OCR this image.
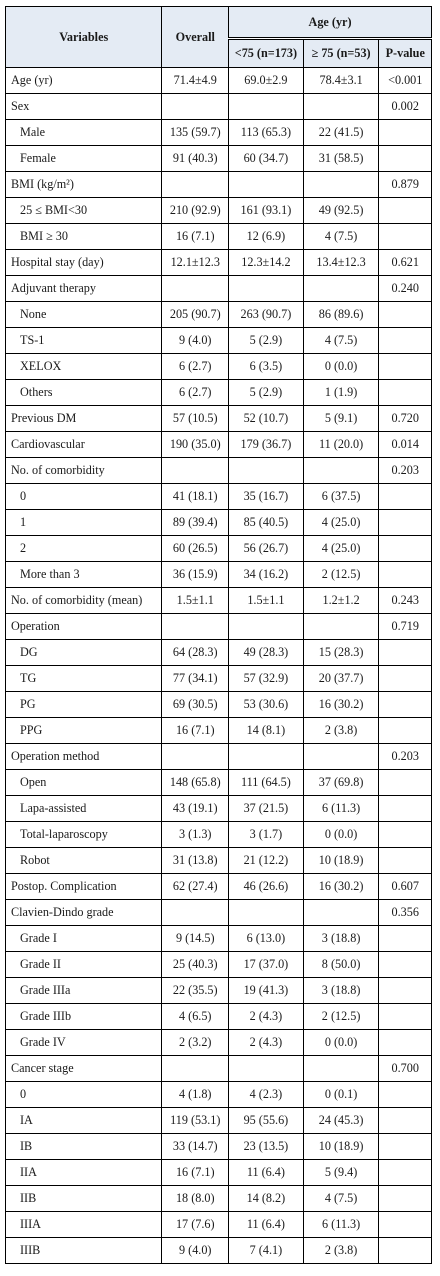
Variables	Overall	Age (yr)		
		<75 (n=173)	≥ 75 (n=53)	P-value
Age (yr)	71.4±4.9	69.0±2.9	78.4±3.1	<0.001
Sex				0.002
Male	135 (59.7)	113 (65.3)	22 (41.5)	
Female	91 (40.3)	60 (34.7)	31 (58.5)	
BMI (kg/m²)				0.879
25 ≤ BMI<30	210 (92.9)	161 (93.1)	49 (92.5)	
BMI ≥ 30	16 (7.1)	12 (6.9)	4 (7.5)	
Hospital stay (day)	12.1±12.3	12.3±14.2	13.4±12.3	0.621
Adjuvant therapy				0.240
None	205 (90.7)	263 (90.7)	86 (89.6)	
TS-1	9 (4.0)	5 (2.9)	4 (7.5)	
XELOX	6 (2.7)	6 (3.5)	0 (0.0)	
Others	6 (2.7)	5 (2.9)	1 (1.9)	
Previous DM	57 (10.5)	52 (10.7)	5 (9.1)	0.720
Cardiovascular	190 (35.0)	179 (36.7)	11 (20.0)	0.014
No. of comorbidity				0.203
0	41 (18.1)	35 (16.7)	6 (37.5)	
1	89 (39.4)	85 (40.5)	4 (25.0)	
2	60 (26.5)	56 (26.7)	4 (25.0)	
More than 3	36 (15.9)	34 (16.2)	2 (12.5)	
No. of comorbidity (mean)	1.5±1.1	1.5±1.1	1.2±1.2	0.243
Operation				0.719
DG	64 (28.3)	49 (28.3)	15 (28.3)	
TG	77 (34.1)	57 (32.9)	20 (37.7)	
PG	69 (30.5)	53 (30.6)	16 (30.2)	
PPG	16 (7.1)	14 (8.1)	2 (3.8)	
Operation method				0.203
Open	148 (65.8)	111 (64.5)	37 (69.8)	
Lapa-assisted	43 (19.1)	37 (21.5)	6 (11.3)	
Total-laparoscopy	3 (1.3)	3 (1.7)	0 (0.0)	
Robot	31 (13.8)	21 (12.2)	10 (18.9)	
Postop. Complication	62 (27.4)	46 (26.6)	16 (30.2)	0.607
Clavien-Dindo grade				0.356
Grade I	9 (14.5)	6 (13.0)	3 (18.8)	
Grade II	25 (40.3)	17 (37.0)	8 (50.0)	
Grade IIIa	22 (35.5)	19 (41.3)	3 (18.8)	
Grade IIIb	4 (6.5)	2 (4.3)	2 (12.5)	
Grade IV	2 (3.2)	2 (4.3)	0 (0.0)	
Cancer stage				0.700
0	4 (1.8)	4 (2.3)	0 (0.1)	
IA	119 (53.1)	95 (55.6)	24 (45.3)	
IB	33 (14.7)	23 (13.5)	10 (18.9)	
IIA	16 (7.1)	11 (6.4)	5 (9.4)	
IIB	18 (8.0)	14 (8.2)	4 (7.5)	
IIIA	17 (7.6)	11 (6.4)	6 (11.3)	
IIIB	9 (4.0)	7 (4.1)	2 (3.8)	
